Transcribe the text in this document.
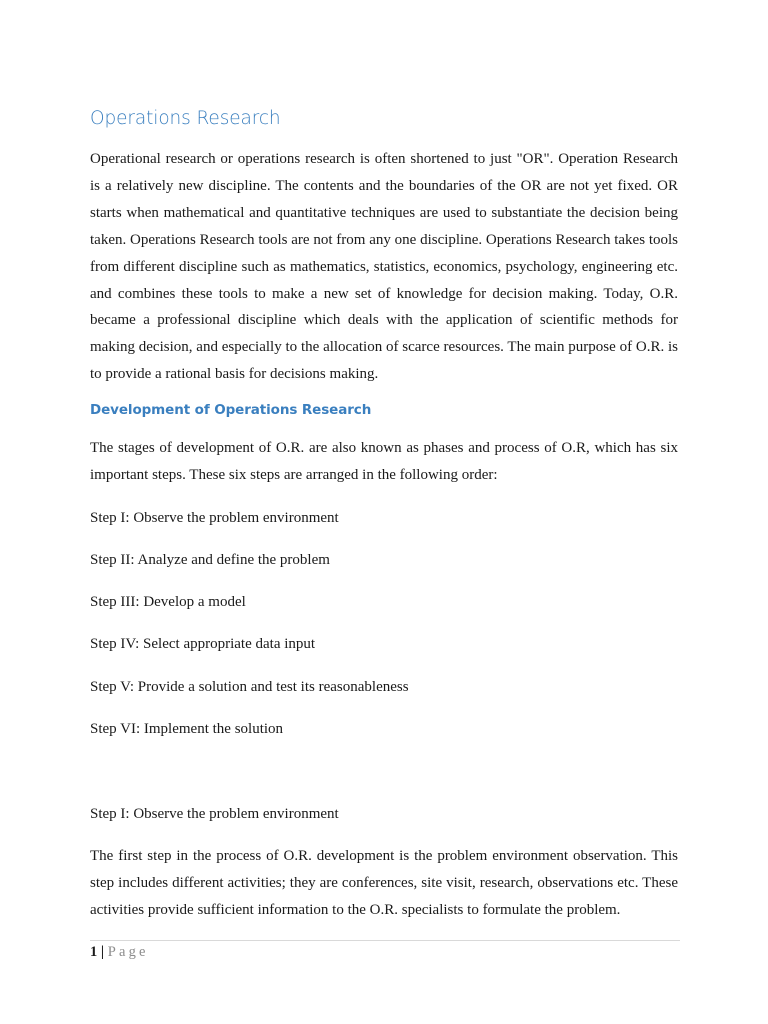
Operations Research

Operational research or operations research is often shortened to just "OR". Operation Research is a relatively new discipline. The contents and the boundaries of the OR are not yet fixed. OR starts when mathematical and quantitative techniques are used to substantiate the decision being taken. Operations Research tools are not from any one discipline. Operations Research takes tools from different discipline such as mathematics, statistics, economics, psychology, engineering etc. and combines these tools to make a new set of knowledge for decision making. Today, O.R. became a professional discipline which deals with the application of scientific methods for making decision, and especially to the allocation of scarce resources. The main purpose of O.R. is to provide a rational basis for decisions making.

Development of Operations Research

The stages of development of O.R. are also known as phases and process of O.R, which has six important steps. These six steps are arranged in the following order:

Step I: Observe the problem environment

Step II: Analyze and define the problem

Step III: Develop a model

Step IV: Select appropriate data input

Step V: Provide a solution and test its reasonableness

Step VI: Implement the solution

Step I: Observe the problem environment

The first step in the process of O.R. development is the problem environment observation. This step includes different activities; they are conferences, site visit, research, observations etc. These activities provide sufficient information to the O.R. specialists to formulate the problem.

1 | Page
